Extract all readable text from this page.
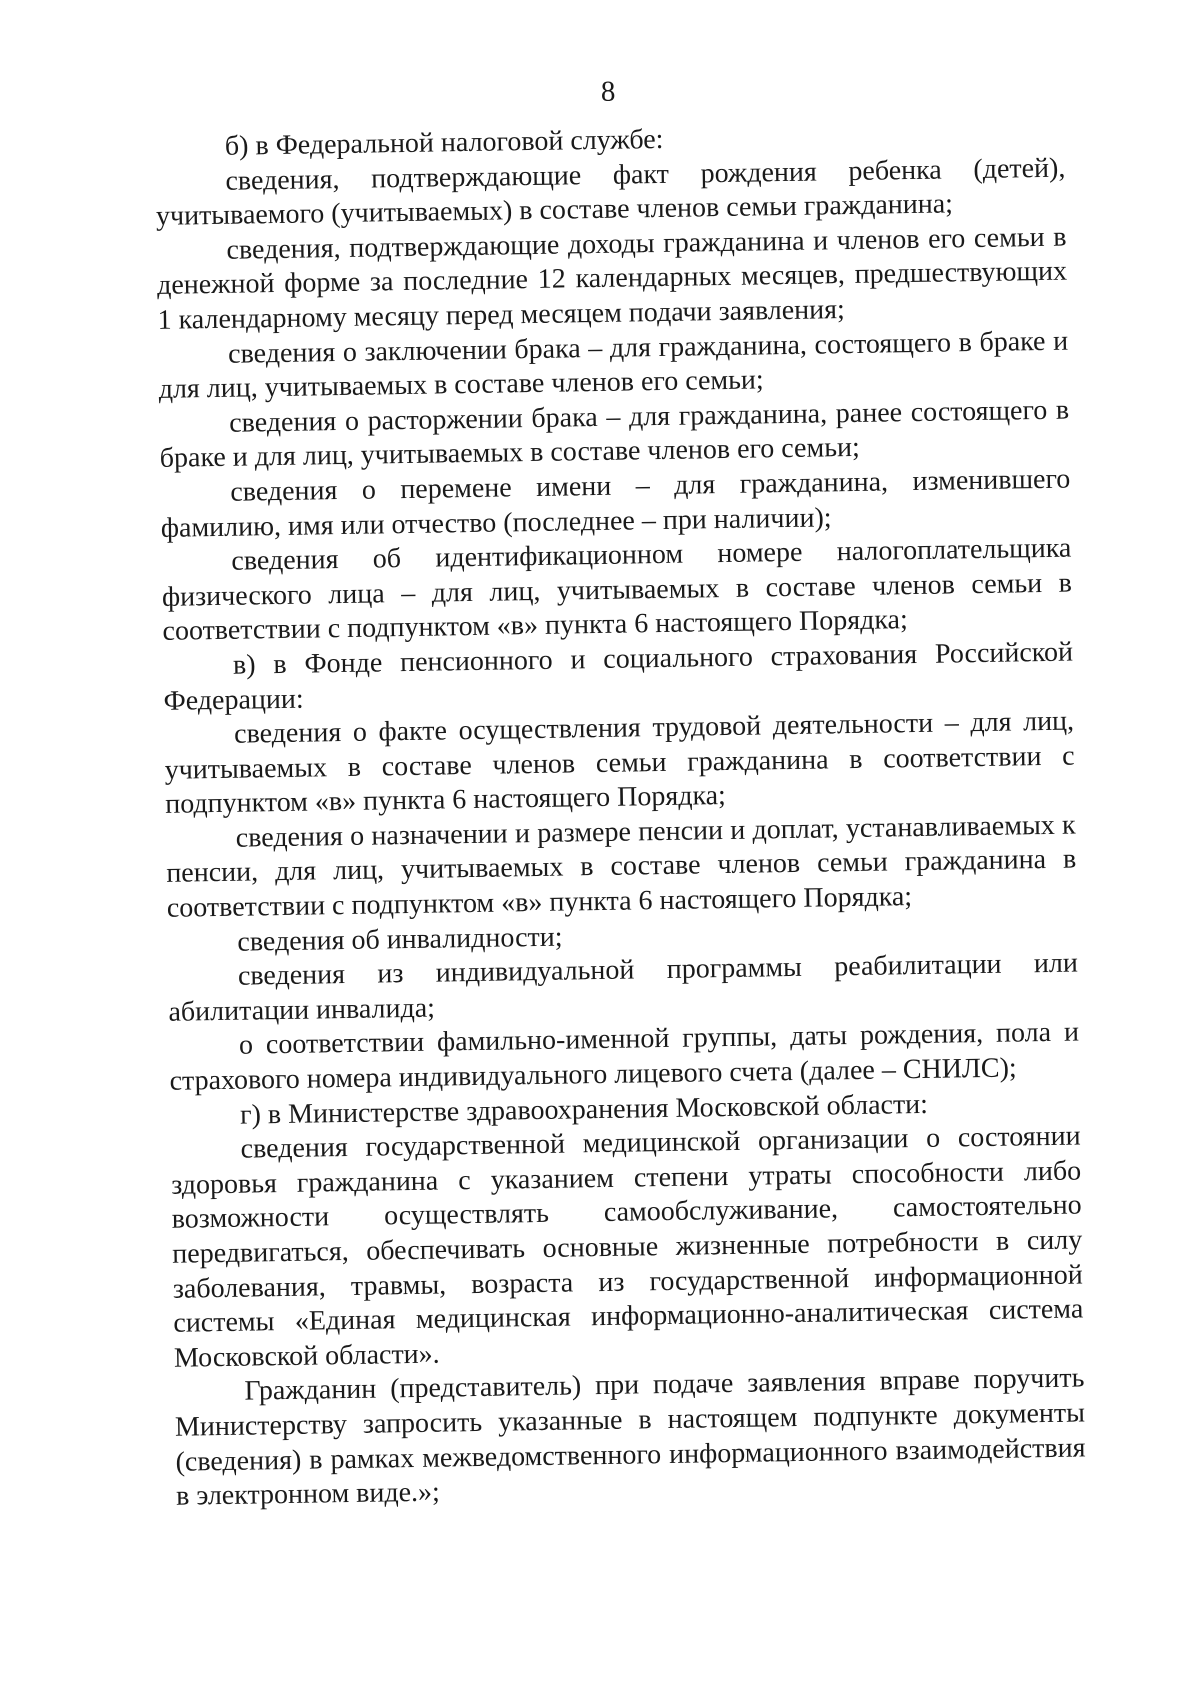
8

б) в Федеральной налоговой службе:

сведения, подтверждающие факт рождения ребенка (детей), учитываемого (учитываемых) в составе членов семьи гражданина;

сведения, подтверждающие доходы гражданина и членов его семьи в денежной форме за последние 12 календарных месяцев, предшествующих 1 календарному месяцу перед месяцем подачи заявления;

сведения о заключении брака – для гражданина, состоящего в браке и для лиц, учитываемых в составе членов его семьи;

сведения о расторжении брака – для гражданина, ранее состоящего в браке и для лиц, учитываемых в составе членов его семьи;

сведения о перемене имени – для гражданина, изменившего фамилию, имя или отчество (последнее – при наличии);

сведения об идентификационном номере налогоплательщика физического лица – для лиц, учитываемых в составе членов семьи в соответствии с подпунктом «в» пункта 6 настоящего Порядка;

в) в Фонде пенсионного и социального страхования Российской Федерации:

сведения о факте осуществления трудовой деятельности – для лиц, учитываемых в составе членов семьи гражданина в соответствии с подпунктом «в» пункта 6 настоящего Порядка;

сведения о назначении и размере пенсии и доплат, устанавливаемых к пенсии, для лиц, учитываемых в составе членов семьи гражданина в соответствии с подпунктом «в» пункта 6 настоящего Порядка;

сведения об инвалидности;

сведения из индивидуальной программы реабилитации или абилитации инвалида;

о соответствии фамильно-именной группы, даты рождения, пола и страхового номера индивидуального лицевого счета (далее – СНИЛС);

г) в Министерстве здравоохранения Московской области:

сведения государственной медицинской организации о состоянии здоровья гражданина с указанием степени утраты способности либо возможности осуществлять самообслуживание, самостоятельно передвигаться, обеспечивать основные жизненные потребности в силу заболевания, травмы, возраста из государственной информационной системы «Единая медицинская информационно-аналитическая система Московской области».

Гражданин (представитель) при подаче заявления вправе поручить Министерству запросить указанные в настоящем подпункте документы (сведения) в рамках межведомственного информационного взаимодействия в электронном виде.»;
